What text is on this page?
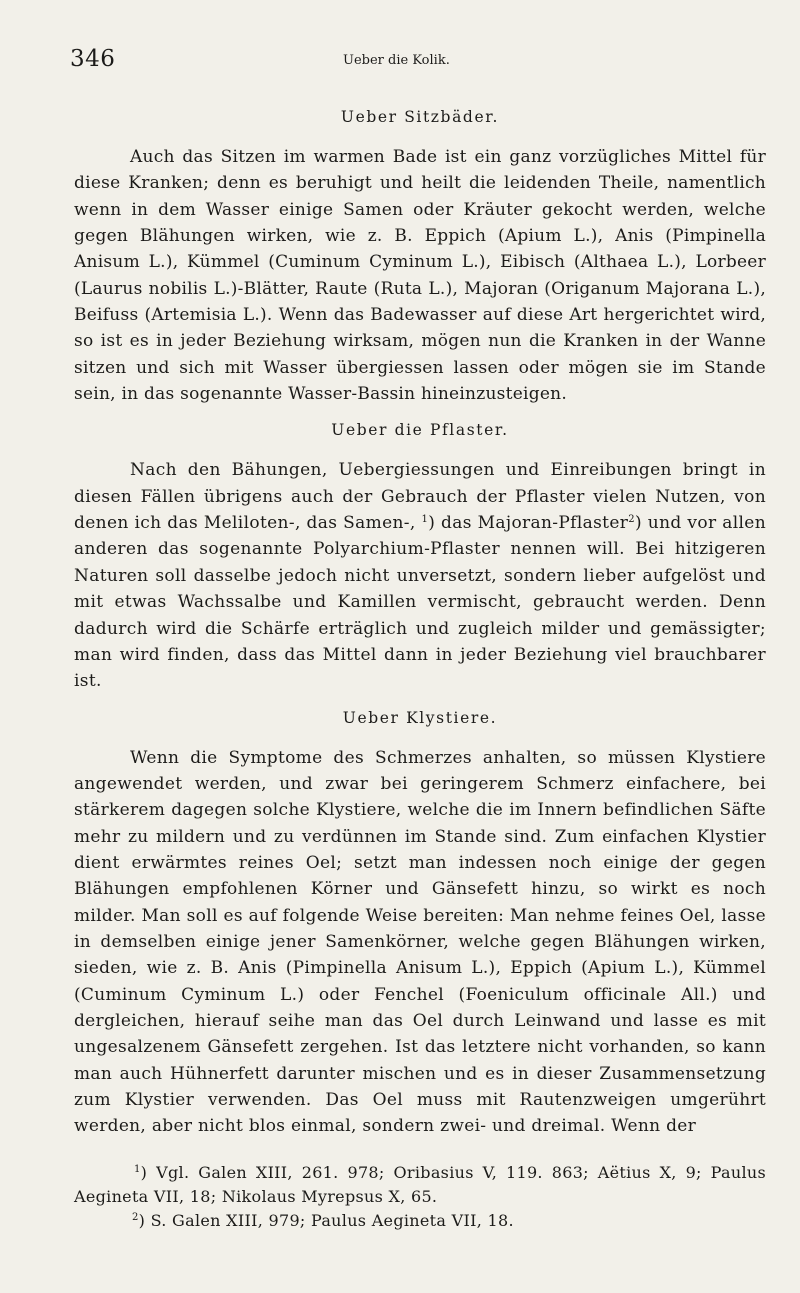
346	Ueber die Kolik.
Ueber Sitzbäder.

Auch das Sitzen im warmen Bade ist ein ganz vorzügliches Mittel für diese Kranken; denn es beruhigt und heilt die leidenden Theile, namentlich wenn in dem Wasser einige Samen oder Kräuter gekocht werden, welche gegen Blähungen wirken, wie z. B. Eppich (Apium L.), Anis (Pimpinella Anisum L.), Kümmel (Cuminum Cyminum L.), Eibisch (Althaea L.), Lorbeer (Laurus nobilis L.)-Blätter, Raute (Ruta L.), Majoran (Origanum Majorana L.), Beifuss (Artemisia L.). Wenn das Badewasser auf diese Art hergerichtet wird, so ist es in jeder Beziehung wirksam, mögen nun die Kranken in der Wanne sitzen und sich mit Wasser übergiessen lassen oder mögen sie im Stande sein, in das sogenannte Wasser-Bassin hineinzusteigen.

Ueber die Pflaster.

Nach den Bähungen, Uebergiessungen und Einreibungen bringt in diesen Fällen übrigens auch der Gebrauch der Pflaster vielen Nutzen, von denen ich das Meliloten-, das Samen-, $^1$) das Majoran-Pflaster$^2$) und vor allen anderen das sogenannte Polyarchium-Pflaster nennen will. Bei hitzigeren Naturen soll dasselbe jedoch nicht unversetzt, sondern lieber aufgelöst und mit etwas Wachssalbe und Kamillen vermischt, gebraucht werden. Denn dadurch wird die Schärfe erträglich und zugleich milder und gemässigter; man wird finden, dass das Mittel dann in jeder Beziehung viel brauchbarer ist.

Ueber Klystiere.

Wenn die Symptome des Schmerzes anhalten, so müssen Klystiere angewendet werden, und zwar bei geringerem Schmerz einfachere, bei stärkerem dagegen solche Klystiere, welche die im Innern befindlichen Säfte mehr zu mildern und zu verdünnen im Stande sind. Zum einfachen Klystier dient erwärmtes reines Oel; setzt man indessen noch einige der gegen Blähungen empfohlenen Körner und Gänsefett hinzu, so wirkt es noch milder. Man soll es auf folgende Weise bereiten: Man nehme feines Oel, lasse in demselben einige jener Samenkörner, welche gegen Blähungen wirken, sieden, wie z. B. Anis (Pimpinella Anisum L.), Eppich (Apium L.), Kümmel (Cuminum Cyminum L.) oder Fenchel (Foeniculum officinale All.) und dergleichen, hierauf seihe man das Oel durch Leinwand und lasse es mit ungesalzenem Gänsefett zergehen. Ist das letztere nicht vorhanden, so kann man auch Hühnerfett darunter mischen und es in dieser Zusammensetzung zum Klystier verwenden. Das Oel muss mit Rautenzweigen umgerührt werden, aber nicht blos einmal, sondern zwei- und dreimal. Wenn der

$^1$) Vgl. Galen XIII, 261. 978; Oribasius V, 119. 863; Aëtius X, 9; Paulus Aegineta VII, 18; Nikolaus Myrepsus X, 65.

$^2$) S. Galen XIII, 979; Paulus Aegineta VII, 18.
